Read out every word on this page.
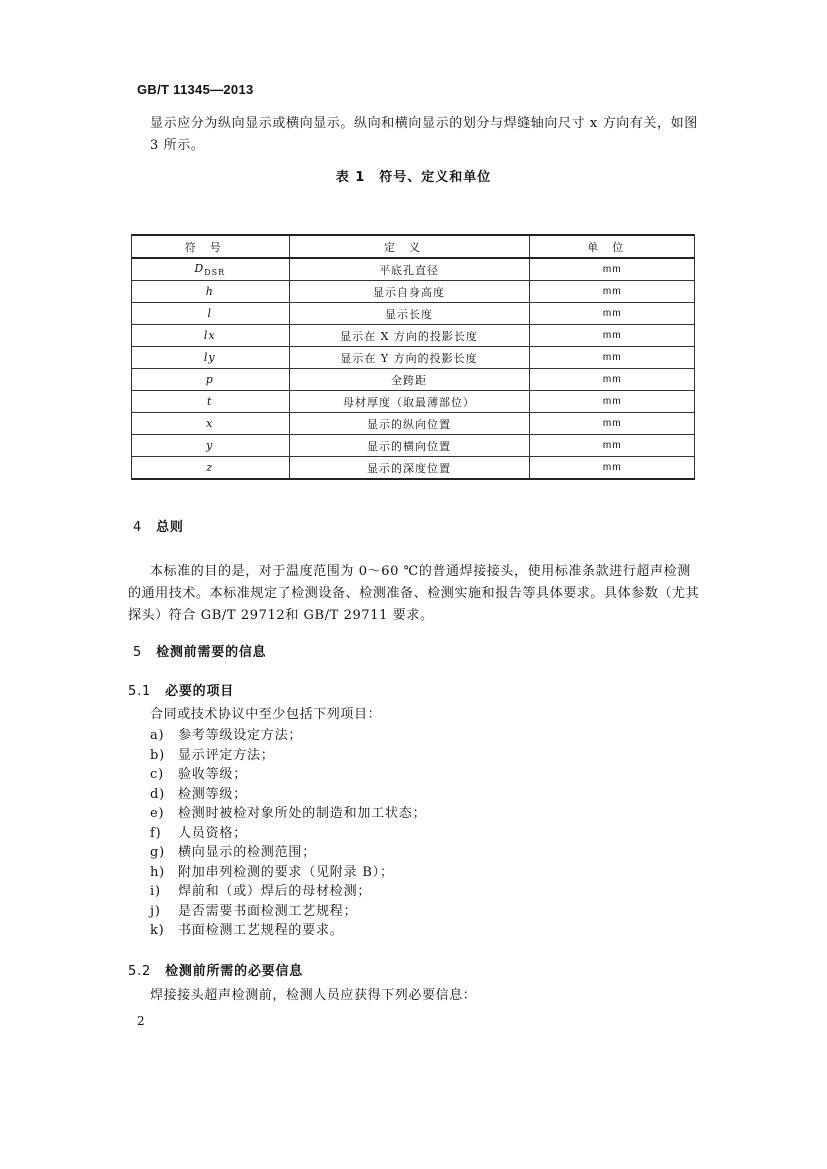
GB/T 11345—2013
显示应分为纵向显示或横向显示。纵向和横向显示的划分与焊缝轴向尺寸 x 方向有关，如图 3 所示。
表 1　符号、定义和单位
符号	定义	单位
$D_{DSR}$	平底孔直径	mm
h	显示自身高度	mm
l	显示长度	mm
lx	显示在 X 方向的投影长度	mm
ly	显示在 Y 方向的投影长度	mm
p	全跨距	mm
t	母材厚度（取最薄部位）	mm
x	显示的纵向位置	mm
y	显示的横向位置	mm
z	显示的深度位置	mm
4 总则
本标准的目的是，对于温度范围为 0～60 ℃的普通焊接接头，使用标准条款进行超声检测的通用技术。本标准规定了检测设备、检测准备、检测实施和报告等具体要求。具体参数（尤其探头）符合 GB/T 29712和 GB/T 29711 要求。
5 检测前需要的信息
5.1 必要的项目
合同或技术协议中至少包括下列项目：
a) 参考等级设定方法；
b) 显示评定方法；
c) 验收等级；
d) 检测等级；
e) 检测时被检对象所处的制造和加工状态；
f) 人员资格；
g) 横向显示的检测范围；
h) 附加串列检测的要求（见附录 B）；
i) 焊前和（或）焊后的母材检测；
j) 是否需要书面检测工艺规程；
k) 书面检测工艺规程的要求。
5.2 检测前所需的必要信息
焊接接头超声检测前，检测人员应获得下列必要信息：
2
